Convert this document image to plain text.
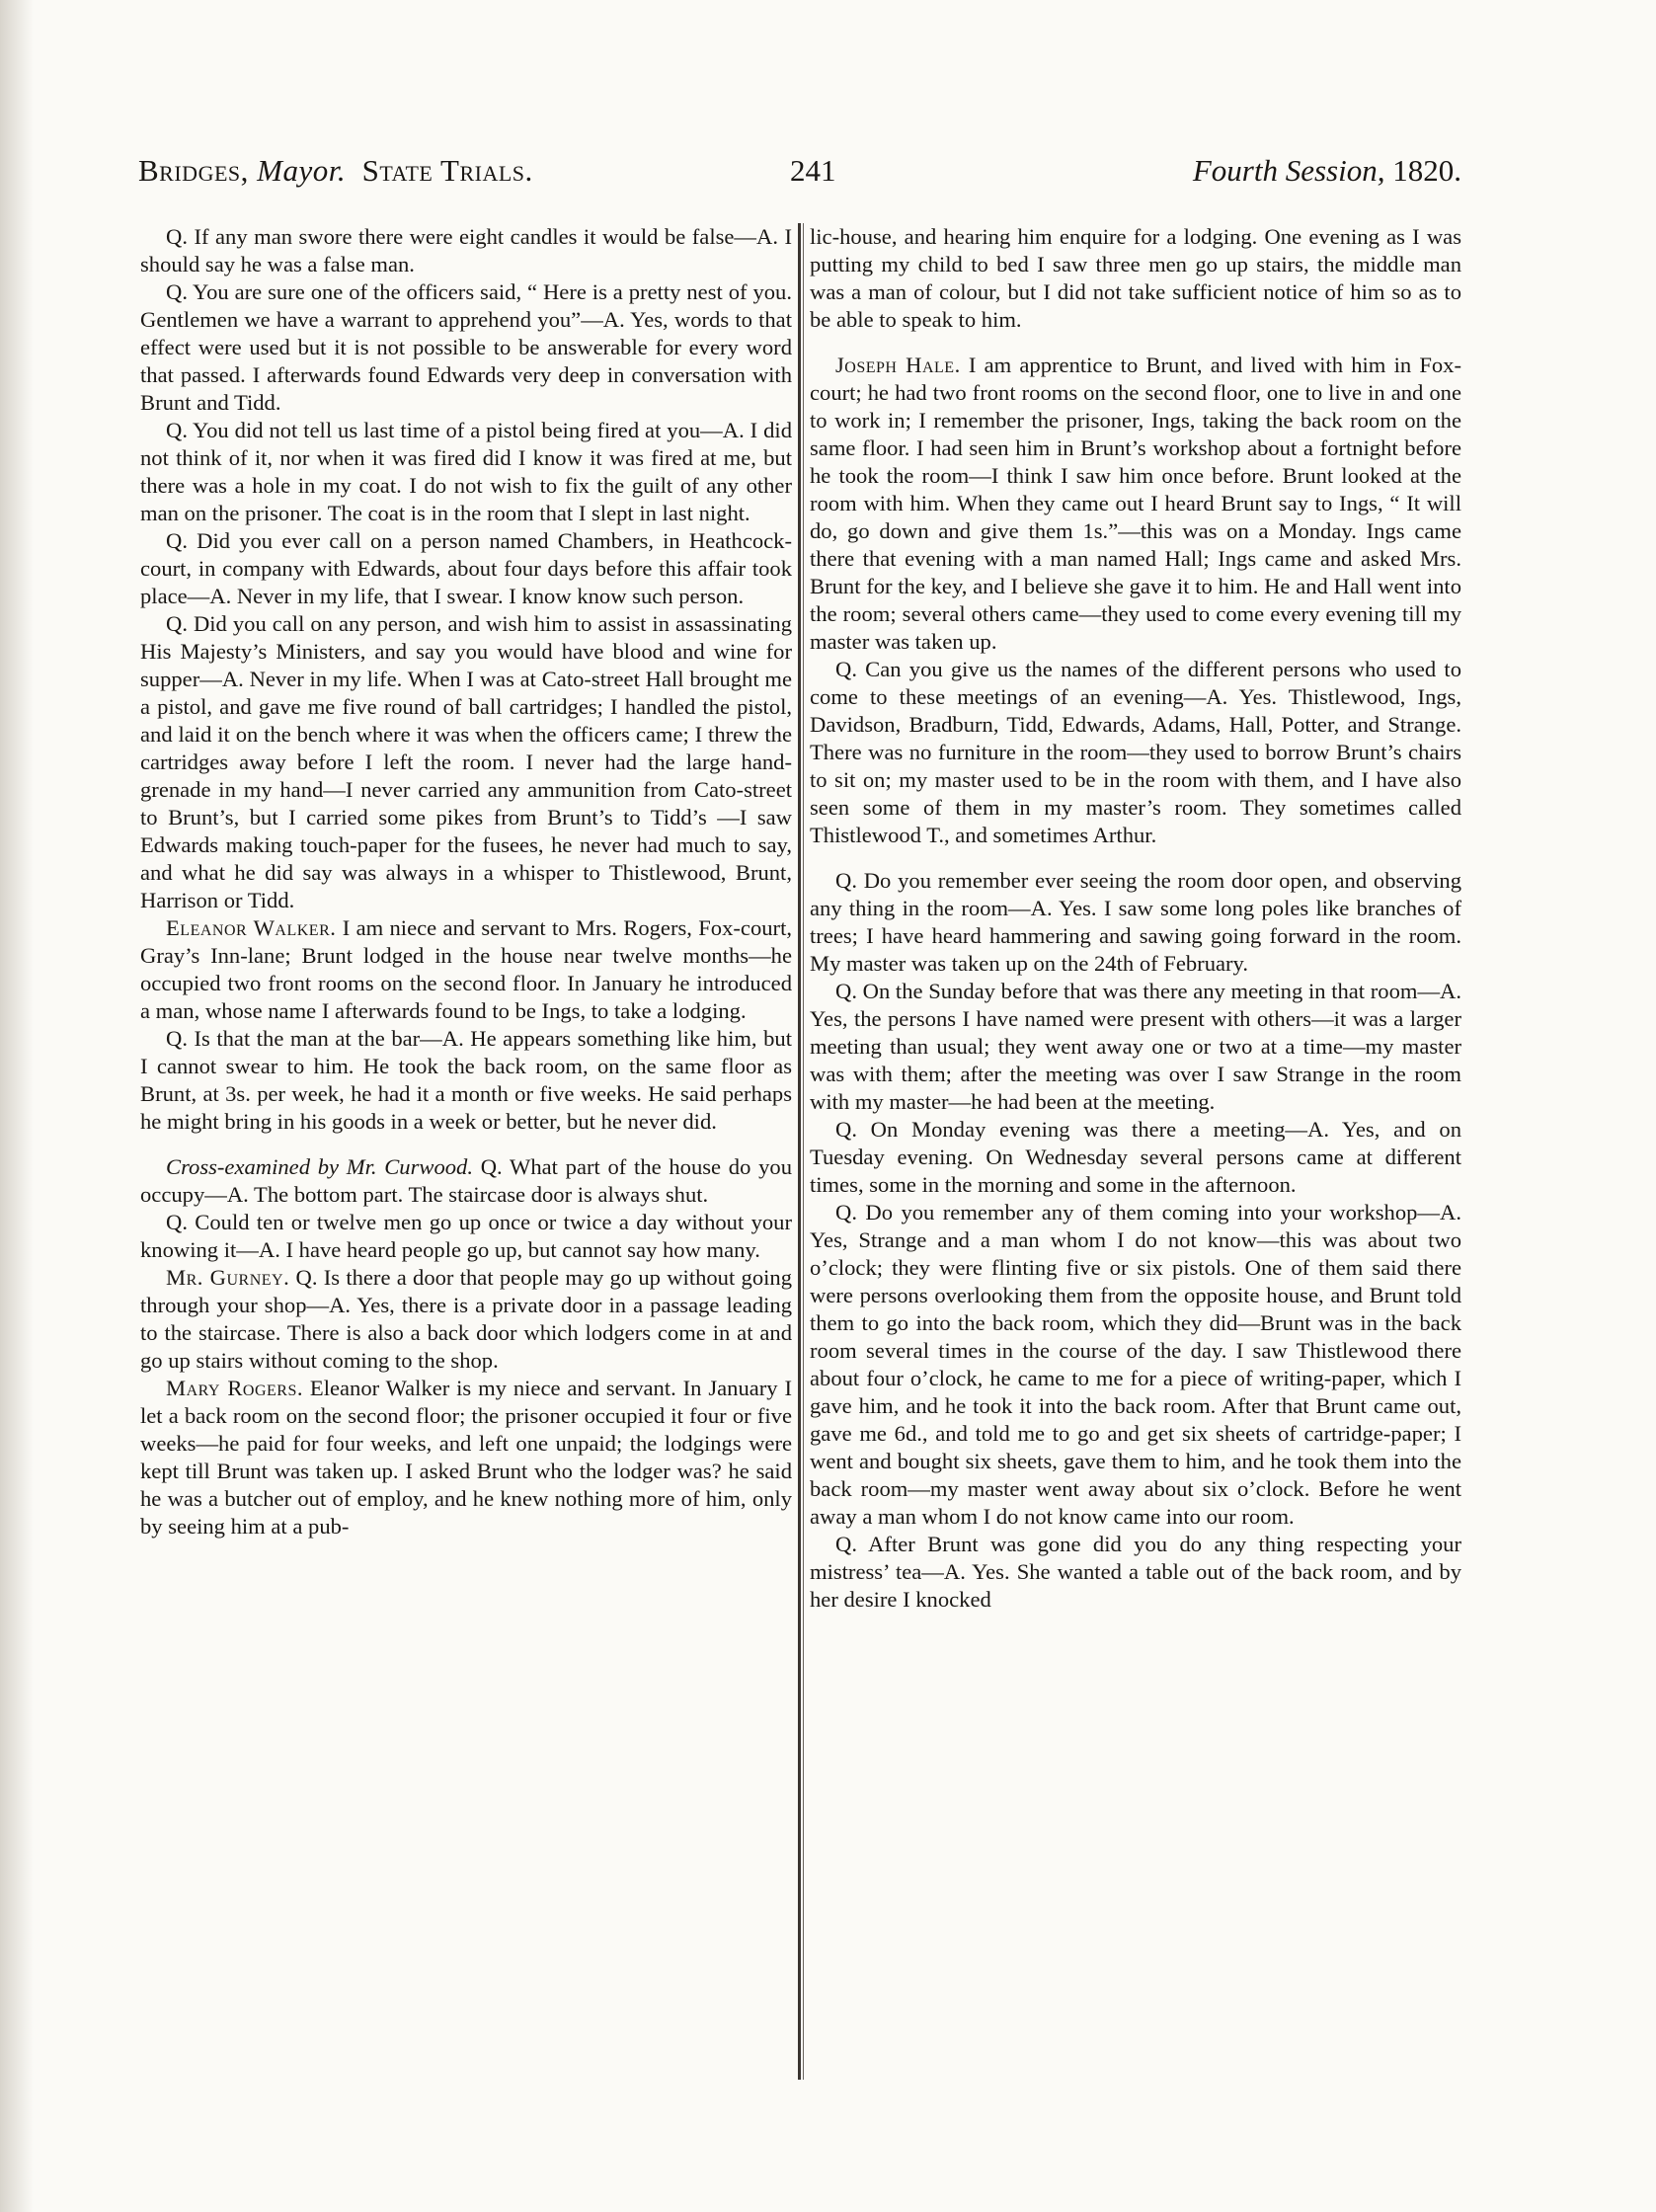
Bridges, Mayor. State Trials.	241	Fourth Session, 1820.

Q. If any man swore there were eight candles it would be false—A. I should say he was a false man.

Q. You are sure one of the officers said, “ Here is a pretty nest of you. Gentlemen we have a warrant to apprehend you”—A. Yes, words to that effect were used but it is not possible to be answerable for every word that passed. I afterwards found Edwards very deep in conversation with Brunt and Tidd.

Q. You did not tell us last time of a pistol being fired at you—A. I did not think of it, nor when it was fired did I know it was fired at me, but there was a hole in my coat. I do not wish to fix the guilt of any other man on the prisoner. The coat is in the room that I slept in last night.

Q. Did you ever call on a person named Chambers, in Heathcock-court, in company with Edwards, about four days before this affair took place—A. Never in my life, that I swear. I know know such person.

Q. Did you call on any person, and wish him to assist in assassinating His Majesty’s Ministers, and say you would have blood and wine for supper—A. Never in my life. When I was at Cato-street Hall brought me a pistol, and gave me five round of ball cartridges; I handled the pistol, and laid it on the bench where it was when the officers came; I threw the cartridges away before I left the room. I never had the large hand-grenade in my hand—I never carried any ammunition from Cato-street to Brunt’s, but I carried some pikes from Brunt’s to Tidd’s —I saw Edwards making touch-paper for the fusees, he never had much to say, and what he did say was always in a whisper to Thistlewood, Brunt, Harrison or Tidd.

Eleanor Walker. I am niece and servant to Mrs. Rogers, Fox-court, Gray’s Inn-lane; Brunt lodged in the house near twelve months—he occupied two front rooms on the second floor. In January he introduced a man, whose name I afterwards found to be Ings, to take a lodging.

Q. Is that the man at the bar—A. He appears something like him, but I cannot swear to him. He took the back room, on the same floor as Brunt, at 3s. per week, he had it a month or five weeks. He said perhaps he might bring in his goods in a week or better, but he never did.

Cross-examined by Mr. Curwood. Q. What part of the house do you occupy—A. The bottom part. The staircase door is always shut.

Q. Could ten or twelve men go up once or twice a day without your knowing it—A. I have heard people go up, but cannot say how many.

Mr. Gurney. Q. Is there a door that people may go up without going through your shop—A. Yes, there is a private door in a passage leading to the staircase. There is also a back door which lodgers come in at and go up stairs without coming to the shop.

Mary Rogers. Eleanor Walker is my niece and servant. In January I let a back room on the second floor; the prisoner occupied it four or five weeks—he paid for four weeks, and left one unpaid; the lodgings were kept till Brunt was taken up. I asked Brunt who the lodger was? he said he was a butcher out of employ, and he knew nothing more of him, only by seeing him at a pub-

lic-house, and hearing him enquire for a lodging. One evening as I was putting my child to bed I saw three men go up stairs, the middle man was a man of colour, but I did not take sufficient notice of him so as to be able to speak to him.

Joseph Hale. I am apprentice to Brunt, and lived with him in Fox-court; he had two front rooms on the second floor, one to live in and one to work in; I remember the prisoner, Ings, taking the back room on the same floor. I had seen him in Brunt’s workshop about a fortnight before he took the room—I think I saw him once before. Brunt looked at the room with him. When they came out I heard Brunt say to Ings, “ It will do, go down and give them 1s.”—this was on a Monday. Ings came there that evening with a man named Hall; Ings came and asked Mrs. Brunt for the key, and I believe she gave it to him. He and Hall went into the room; several others came—they used to come every evening till my master was taken up.

Q. Can you give us the names of the different persons who used to come to these meetings of an evening—A. Yes. Thistlewood, Ings, Davidson, Bradburn, Tidd, Edwards, Adams, Hall, Potter, and Strange. There was no furniture in the room—they used to borrow Brunt’s chairs to sit on; my master used to be in the room with them, and I have also seen some of them in my master’s room. They sometimes called Thistlewood T., and sometimes Arthur.

Q. Do you remember ever seeing the room door open, and observing any thing in the room—A. Yes. I saw some long poles like branches of trees; I have heard hammering and sawing going forward in the room. My master was taken up on the 24th of February.

Q. On the Sunday before that was there any meeting in that room—A. Yes, the persons I have named were present with others—it was a larger meeting than usual; they went away one or two at a time—my master was with them; after the meeting was over I saw Strange in the room with my master—he had been at the meeting.

Q. On Monday evening was there a meeting—A. Yes, and on Tuesday evening. On Wednesday several persons came at different times, some in the morning and some in the afternoon.

Q. Do you remember any of them coming into your workshop—A. Yes, Strange and a man whom I do not know—this was about two o’clock; they were flinting five or six pistols. One of them said there were persons overlooking them from the opposite house, and Brunt told them to go into the back room, which they did—Brunt was in the back room several times in the course of the day. I saw Thistlewood there about four o’clock, he came to me for a piece of writing-paper, which I gave him, and he took it into the back room. After that Brunt came out, gave me 6d., and told me to go and get six sheets of cartridge-paper; I went and bought six sheets, gave them to him, and he took them into the back room—my master went away about six o’clock. Before he went away a man whom I do not know came into our room.

Q. After Brunt was gone did you do any thing respecting your mistress’ tea—A. Yes. She wanted a table out of the back room, and by her desire I knocked
